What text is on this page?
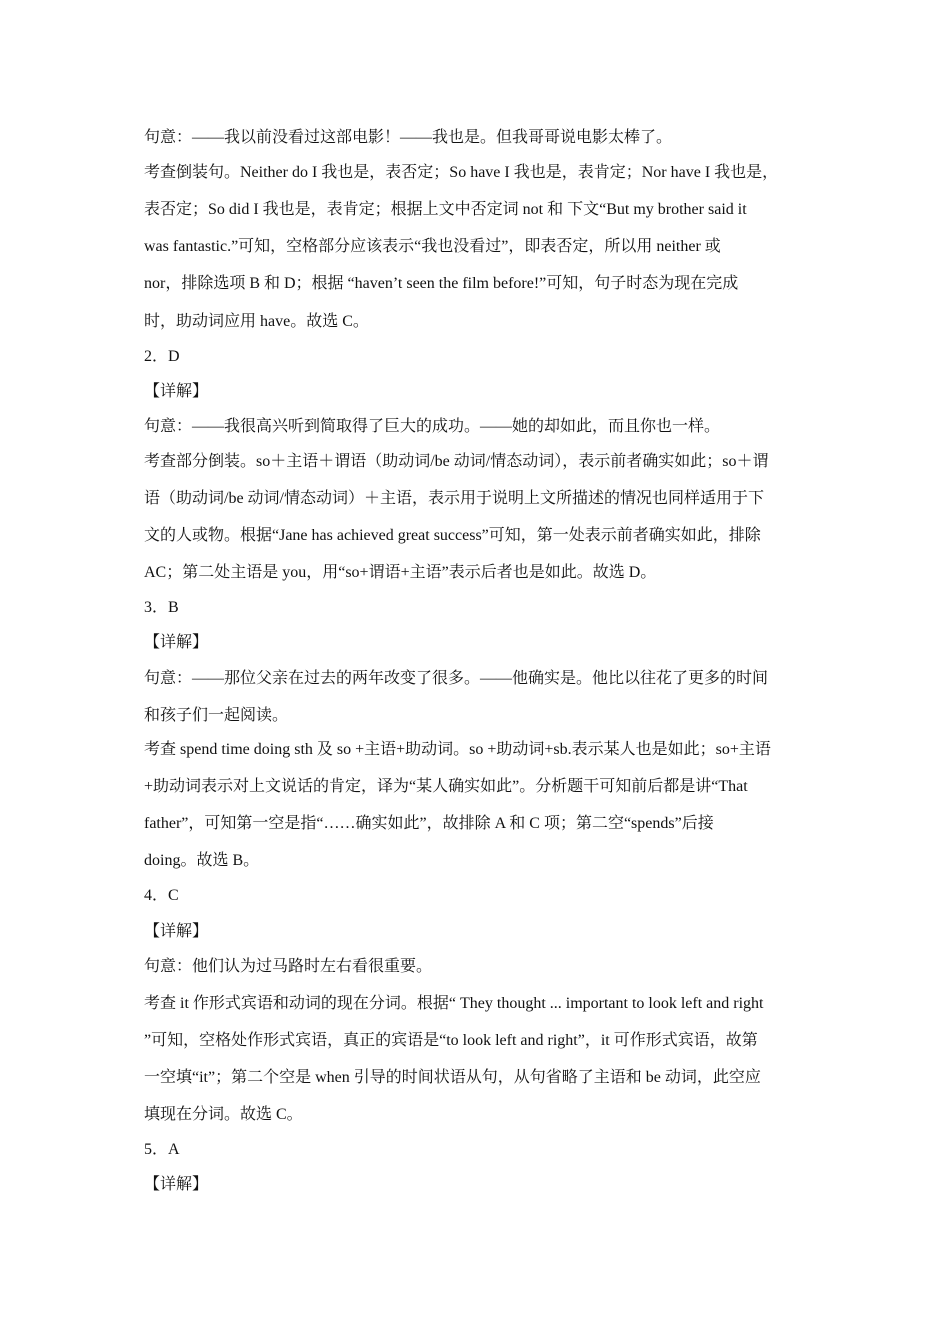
句意：——我以前没看过这部电影！——我也是。但我哥哥说电影太棒了。
考查倒装句。Neither do I 我也是，表否定；So have I 我也是，表肯定；Nor have I 我也是，
表否定；So did I 我也是，表肯定；根据上文中否定词 not 和 下文“But my brother said it
was fantastic.”可知，空格部分应该表示“我也没看过”，即表否定，所以用 neither 或
nor，排除选项 B 和 D；根据 “haven’t seen the film before!”可知，句子时态为现在完成
时，助动词应用 have。故选 C。
2．D
【详解】
句意：——我很高兴听到简取得了巨大的成功。——她的却如此，而且你也一样。
考查部分倒装。so＋主语＋谓语（助动词/be 动词/情态动词），表示前者确实如此；so＋谓
语（助动词/be 动词/情态动词）＋主语，表示用于说明上文所描述的情况也同样适用于下
文的人或物。根据“Jane has achieved great success”可知，第一处表示前者确实如此，排除
AC；第二处主语是 you，用“so+谓语+主语”表示后者也是如此。故选 D。
3．B
【详解】
句意：——那位父亲在过去的两年改变了很多。——他确实是。他比以往花了更多的时间
和孩子们一起阅读。
考查 spend time doing sth 及 so +主语+助动词。so +助动词+sb.表示某人也是如此；so+主语
+助动词表示对上文说话的肯定，译为“某人确实如此”。分析题干可知前后都是讲“That
father”，可知第一空是指“……确实如此”，故排除 A 和 C 项；第二空“spends”后接
doing。故选 B。
4．C
【详解】
句意：他们认为过马路时左右看很重要。
考查 it 作形式宾语和动词的现在分词。根据“ They thought ... important to look left and right
”可知，空格处作形式宾语，真正的宾语是“to look left and right”，it 可作形式宾语，故第
一空填“it”；第二个空是 when 引导的时间状语从句，从句省略了主语和 be 动词，此空应
填现在分词。故选 C。
5．A
【详解】
